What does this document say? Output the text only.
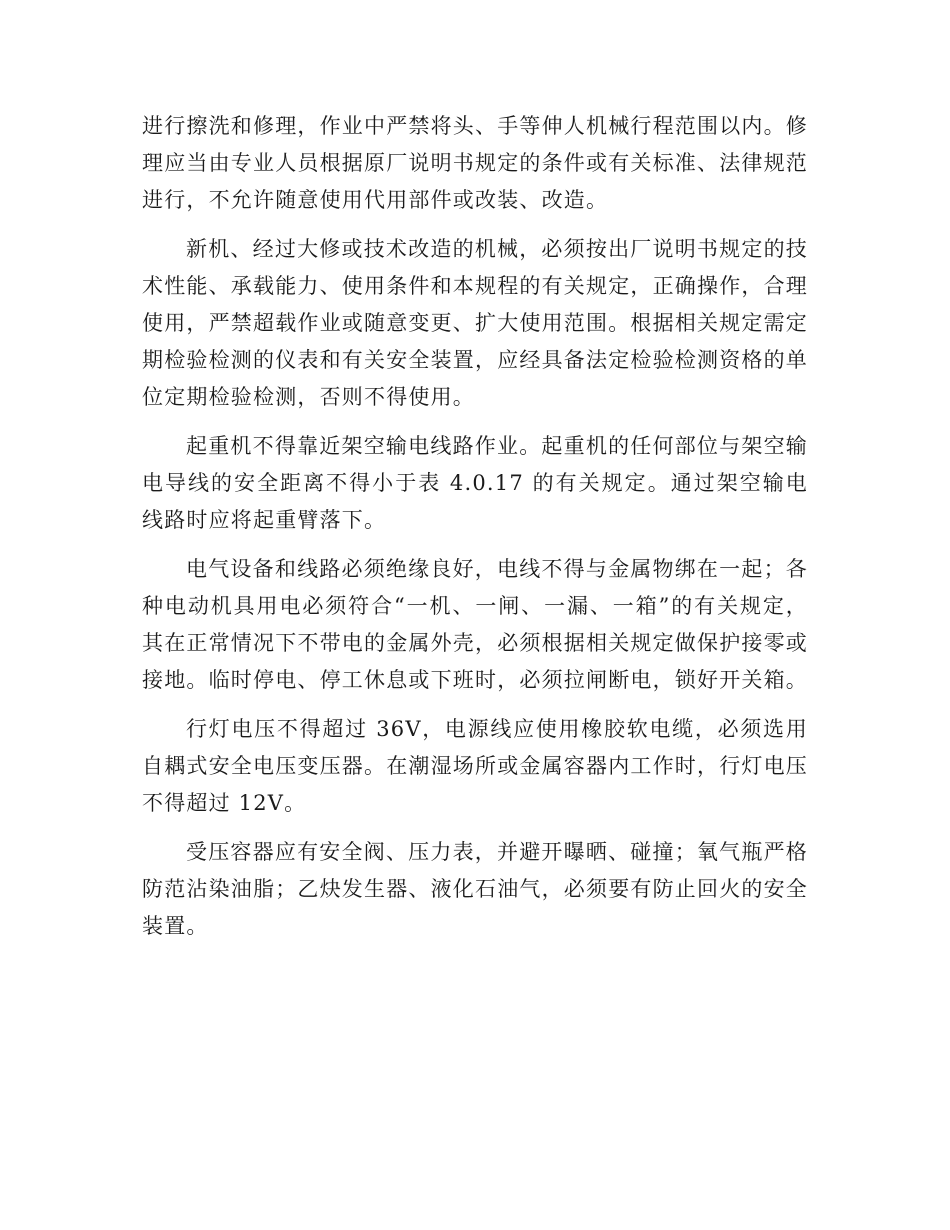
进行擦洗和修理，作业中严禁将头、手等伸人机械行程范围以内。修理应当由专业人员根据原厂说明书规定的条件或有关标准、法律规范进行，不允许随意使用代用部件或改装、改造。

新机、经过大修或技术改造的机械，必须按出厂说明书规定的技术性能、承载能力、使用条件和本规程的有关规定，正确操作，合理使用，严禁超载作业或随意变更、扩大使用范围。根据相关规定需定期检验检测的仪表和有关安全装置，应经具备法定检验检测资格的单位定期检验检测，否则不得使用。

起重机不得靠近架空输电线路作业。起重机的任何部位与架空输电导线的安全距离不得小于表 4.0.17 的有关规定。通过架空输电线路时应将起重臂落下。

电气设备和线路必须绝缘良好，电线不得与金属物绑在一起；各种电动机具用电必须符合“一机、一闸、一漏、一箱”的有关规定，其在正常情况下不带电的金属外壳，必须根据相关规定做保护接零或接地。临时停电、停工休息或下班时，必须拉闸断电，锁好开关箱。

行灯电压不得超过 36V，电源线应使用橡胶软电缆，必须选用自耦式安全电压变压器。在潮湿场所或金属容器内工作时，行灯电压不得超过 12V。

受压容器应有安全阀、压力表，并避开曝晒、碰撞；氧气瓶严格防范沾染油脂；乙炔发生器、液化石油气，必须要有防止回火的安全装置。
